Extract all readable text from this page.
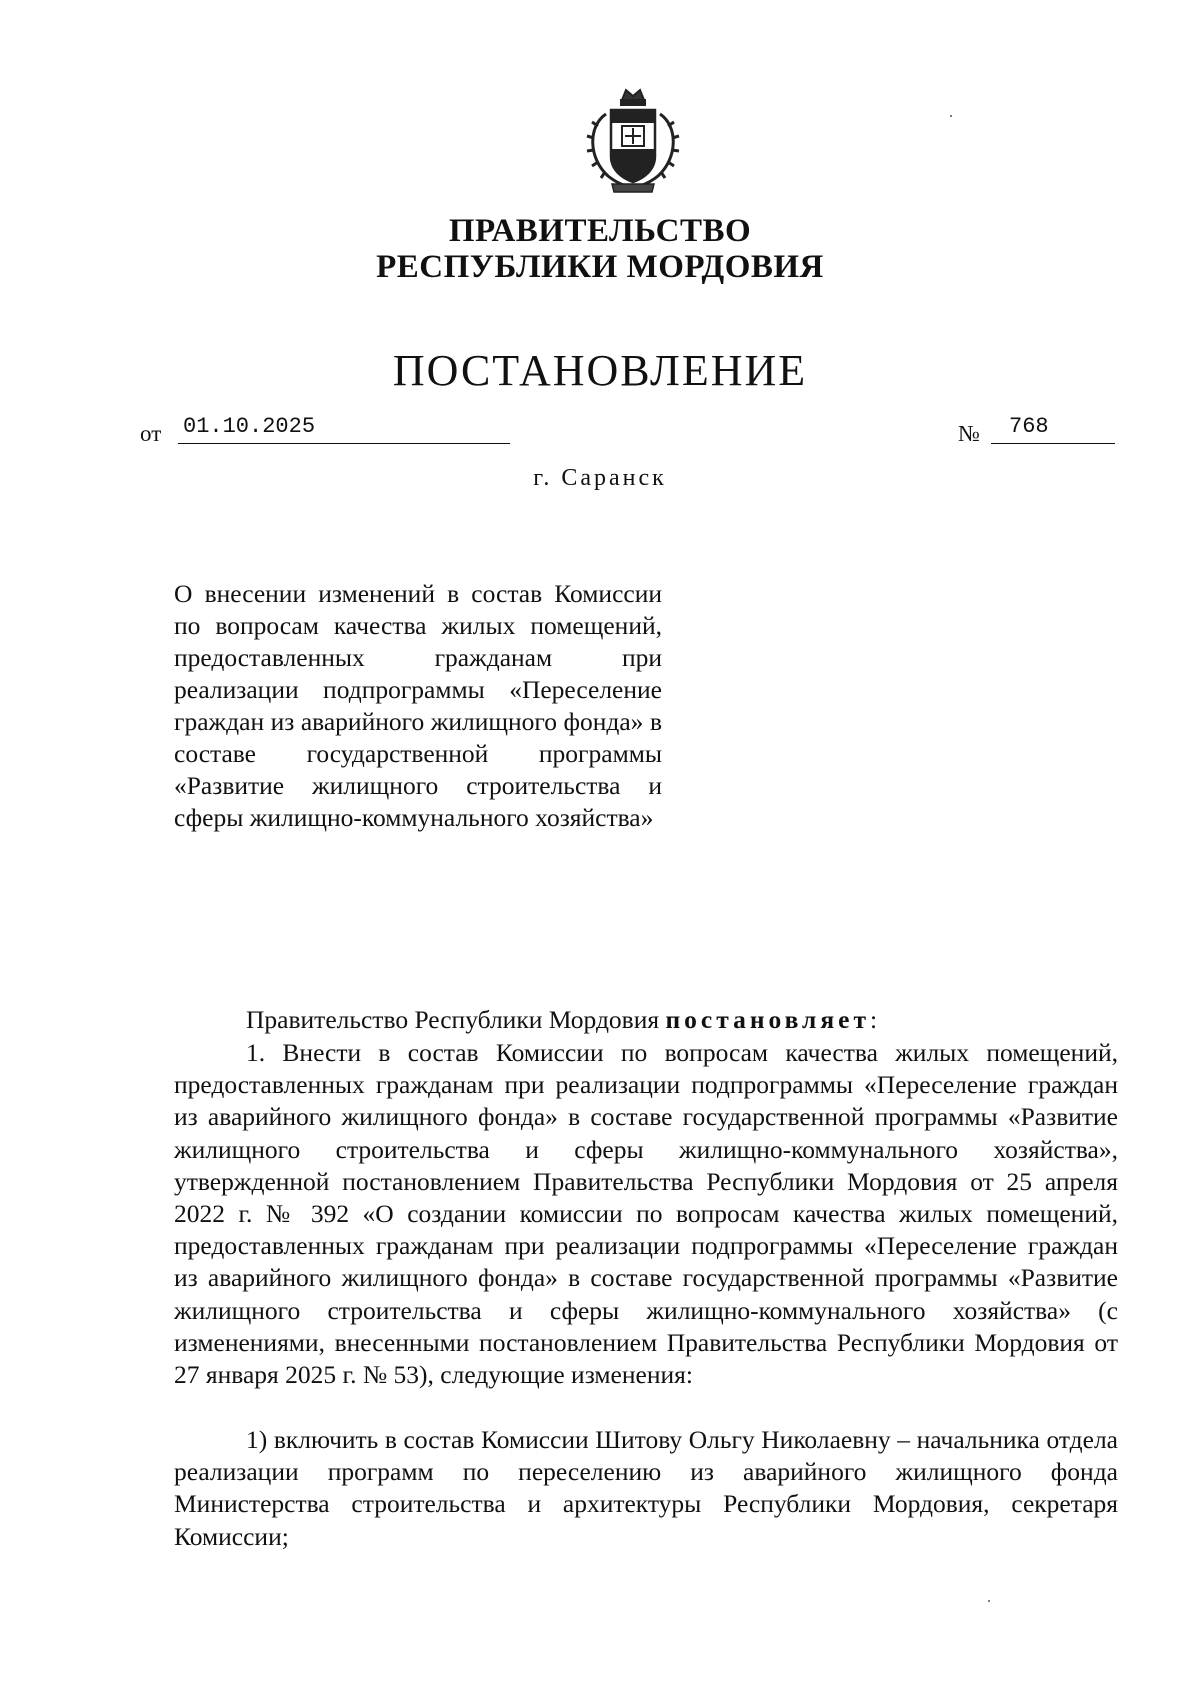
ПРАВИТЕЛЬСТВО
РЕСПУБЛИКИ МОРДОВИЯ
ПОСТАНОВЛЕНИЕ
от 01.10.2025	№	768
г. Саранск
О внесении изменений в состав Комиссии по вопросам качества жилых помещений, предоставленных гражданам при реализации подпрограммы «Переселение граждан из аварийного жилищного фонда» в составе государственной программы «Развитие жилищного строительства и сферы жилищно-коммунального хозяйства»
Правительство Республики Мордовия постановляет:
1. Внести в состав Комиссии по вопросам качества жилых помещений, предоставленных гражданам при реализации подпрограммы «Переселение граждан из аварийного жилищного фонда» в составе государственной программы «Развитие жилищного строительства и сферы жилищно-коммунального хозяйства», утвержденной постановлением Правительства Республики Мордовия от 25 апреля 2022 г. № 392 «О создании комиссии по вопросам качества жилых помещений, предоставленных гражданам при реализации подпрограммы «Переселение граждан из аварийного жилищного фонда» в составе государственной программы «Развитие жилищного строительства и сферы жилищно-коммунального хозяйства» (с изменениями, внесенными постановлением Правительства Республики Мордовия от 27 января 2025 г. № 53), следующие изменения:
1) включить в состав Комиссии Шитову Ольгу Николаевну – начальника отдела реализации программ по переселению из аварийного жилищного фонда Министерства строительства и архитектуры Республики Мордовия, секретаря Комиссии;
